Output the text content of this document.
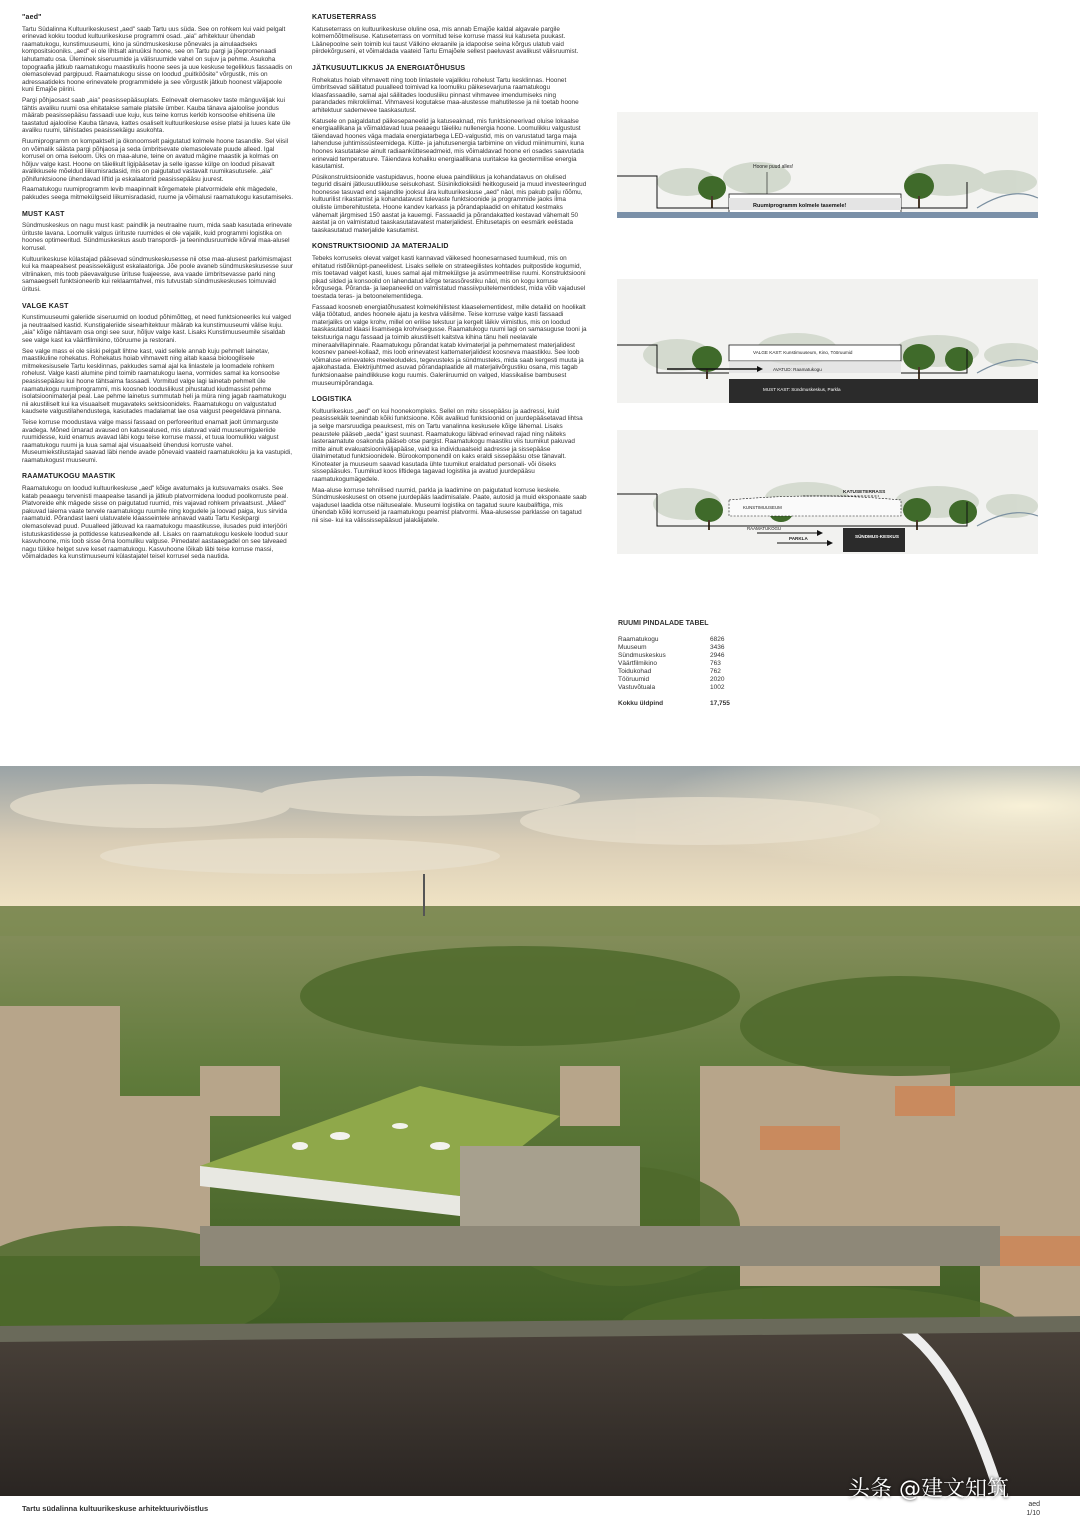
"aed"

Tartu Südalinna Kultuurikeskusest „aed" saab Tartu uus süda. See on rohkem kui vaid pelgalt erinevad kokku toodud kultuurikeskuse programmi osad. „aia" arhitektuur ühendab raamatukogu, kunstimuuseumi, kino ja sündmuskeskuse põnevaks ja ainulaadseks kompositsiooniks. „aed" ei ole lihtsalt ainuüksi hoone, see on Tartu pargi ja jõepromenaadi lahutamatu osa. Üleminek siseruumide ja välisruumide vahel on sujuv ja pehme. Asukoha topograafia jätkub raamatukogu maastikulis hoone sees ja uue keskuse tegelikkus fassaadis on olemasolevad pargipuud. Raamatukogu sisse on loodud „puitköösite" võrgustik, mis on adressaatideks hoone erinevatele programmidele ja see võrgustik jätkub hoonest väljapoole kuni Emajõe piirini.

Pargi põhjaosast saab „aia" peasissepääsuplats. Eelnevalt olemasolev taste mänguväljak kui tähtis avaliku ruumi osa ehitatakse samale platsile ümber. Kauba tänava ajaloolise joondus määrab peasissepääsu fassaadi uue kuju, kus teine korrus kerkib konsoolse ehitisena üle taastatud ajaloolise Kauba tänava, kattes osaliselt kultuurikeskuse esise platsi ja luues kate üle avaliku ruumi, tähistades peasissekäigu asukohta.

Ruumiprogramm on kompaktselt ja ökonoomselt paigutatud kolmele hoone tasandile. Sel viisil on võimalik säästa pargi põhjaosa ja seda ümbritsevate olemasolevate puude alleed. Igal korrusel on oma iseloom. Üks on maa-alune, teine on avatud mägine maastik ja kolmas on hõljuv valge kast. Hoone on täielikult ligipääsetav ja selle igasse külge on loodud piisavalt avalikkusele mõeldud liikumisradasid, mis on paigutatud vastavalt ruumikasutusele. „aia" põhifunktsioone ühendavad liftid ja eskalaatorid peasissepääsu juurest.

Raamatukogu ruumiprogramm levib maapinnalt kõrgematele platvormidele ehk mägedele, pakkudes seega mitmekülgseid liikumisradasid, ruume ja võimalusi raamatukogu kasutamiseks.

MUST KAST

Sündmuskeskus on nagu must kast: paindlik ja neutraalne ruum, mida saab kasutada erinevate ürituste lavana. Loomulik valgus ürituste ruumides ei ole vajalik, kuid programmi logistika on hoones optimeeritud. Sündmuskeskus asub transpordi- ja teenindusruumide kõrval maa-alusel korrusel.

Kultuurikeskuse külastajad pääsevad sündmuskeskusesse nii otse maa-alusest parkimismajast kui ka maapealsest peasissekäigust eskalaatoriga. Jõe poole avaneb sündmuskeskusesse suur vitriinaken, mis toob päevavalguse ürituse fuajeesse, ava vaade ümbritsevasse parki ning samaaegselt funktsioneerib kui reklaamtahvel, mis tutvustab sündmuskeskuses toimuvaid üritusi.

VALGE KAST

Kunstimuuseumi galeriide siseruumid on loodud põhimõtteg, et need funktsioneeriks kui valged ja neutraalsed kastid. Kunstigaleriide sisearhitektuur määrab ka kunstimuuseumi välise kuju. „aia" kõige nähtavam osa ongi see suur, hõljuv valge kast. Lisaks Kunstimuuseumile sisaldab see valge kast ka väärtfilmikino, tööruume ja restorani.

See valge mass ei ole siiski pelgalt lihtne kast, vaid sellele annab kuju pehmelt lainetav, maastikuline rohekatus. Rohekatus hoiab vihmavett ning aitab kaasa bioloogilisele mitmekesisusele Tartu kesklinnas, pakkudes samal ajal ka linlastele ja loomadele rohkem rohelust. Valge kasti alumine pind toimib raamatukogu laena, vormides samal ka konsoolse peasissepääsu kui hoone tähtsaima fassaadi. Vormitud valge lagi lainetab pehmelt üle raamatukogu ruumiprogrammi, mis koosneb loodusliikust pihustatud kiudmassist pehme isolatsioonimaterjal peal. Lae pehme lainetus summutab heli ja müra ning jagab raamatukogu nii akustiliselt kui ka visuaalselt mugavateks sektsioonideks. Raamatukogu on valgustatud kaudsete valgustilahendustega, kasutades madalamat lae osa valgust peegeldava pinnana.

Teise korruse moodustava valge massi fassaad on perforeeritud enamalt jaolt ümmarguste avadega. Mõned ümarad avaused on katusealused, mis ulatuvad vaid muuseumigaleriide ruumidesse, kuid enamus avavad läbi kogu teise korruse massi, et tuua loomulikku valgust raamatukogu ruumi ja luua samal ajal visuaalseid ühendusi korruste vahel. Museumiekstilustajad saavad läbi nende avade põnevaid vaateid raamatukokku ja ka vastupidi, raamatukogust muuseumi.

RAAMATUKOGU MAASTIK

Raamatukogu on loodud kultuurikeskuse „aed" kõige avatumaks ja kutsuvamaks osaks. See katab peaaegu tervenisti maapealse tasandi ja jätkub platvormidena loodud poolkorruste peal. Platvoreide ehk mägede sisse on paigutatud ruumid, mis vajavad rohkem privaatsust. „Mäed" pakuvad laiema vaate tervele raamatukogu ruumile ning kogudele ja loovad paiga, kus sirvida raamatuid. Põrandast laeni ulatuvatele klaasseintele annavad vaatu Tartu Keskpargi olemasolevad puud. Puualleed jätkuvad ka raamatukogu maastikusse, ilusades puid interjööri istutuskastidesse ja pottidesse katusealkende all. Lisaks on raamatukogu keskele loodud suur kasvuhoone, mis toob sisse õrna loomuliku valguse. Pimedatel aastaaegadel on see talveaed nagu tükike helget suve keset raamatukogu. Kasvuhoone lõikab läbi teise korruse massi, võimaldades ka kunstimuuseumi külastajatel teisel korrusel seda nautida.

KATUSETERRASS

Katuseterrass on kultuurikeskuse oluline osa, mis annab Emajõe kaldal algavale pargile kolmemõõtmelisuse. Katuseterrass on vormitud teise korruse massi kui katuseta puukast. Läänepoolne sein toimib kui taust Välkino ekraanile ja idapoolse seina kõrgus ulatub vaid piirdekõrguseni, et võimaldada vaateid Tartu Emajõele sellest paeluvast avalikust välisruumist.

JÄTKUSUUTLIKKUS JA ENERGIATÕHUSUS

Rohekatus hoiab vihmavett ning toob linlastele vajalikku rohelust Tartu kesklinnas. Hoonet ümbritsevad säilitatud puualleed toimivad ka loomuliku päikesevarjuna raamatukogu klaasfassaadile, samal ajal säilitades loodusliiku pinnast vihmavee imendumiseks ning parandades mikrokliimat. Vihmavesi kogutakse maa-alustesse mahutitesse ja nii toetab hoone arhitektuur sademevee taaskasutust.

Katusele on paigaldatud päikesepaneelid ja katuseaknad, mis funktsioneerivad oluise lokaalse energiaallikana ja võimaldavad luua peaaegu täieliku nullenergia hoone. Loomulikku valgustust täiendavad hoones väga madala energiatarbega LED-valgustid, mis on varustatud targa maja lahenduse juhtimissüsteemidega. Kütte- ja jahutusenergia tarbimine on viidud miinimumini, kuna hoones kasutatakse ainult radiaankütteseadmeid, mis võimaldavad hoone eri osades saavutada erinevaid temperatuure. Täiendava kohaliku energiaallikana uuritakse ka geotermilise energia kasutamist.

Püsikonstruktsioonide vastupidavus, hoone eluea paindlikkus ja kohandatavus on olulised tegurid disaini jätkusuutlikkuse seisukohast. Süsinikdioksiidi heitkoguseid ja muud investeeringud hoonesse tasuvad end sajandite jooksul ära kultuurikeskuse „aed" näol, mis pakub palju rõõmu, kultuurilist rikastamist ja kohandatavust tulevaste funktsioonide ja programmide jaoks ilma oluliste ümberehitusteta. Hoone kandev karkass ja põrandaplaadid on ehitatud kestmaks vähemalt järgmised 150 aastat ja kauemgi. Fassaadid ja põrandakatted kestavad vähemalt 50 aastat ja on valmistatud taaskasutatavatest materjalidest. Ehitusetapis on eesmärk eelistada taaskasutatud materjalide kasutamist.

KONSTRUKTSIOONID JA MATERJALID

Tebeks korruseks olevat valget kasti kannavad väikesed hoonesarnased tuumikud, mis on ehitatud ristlõiknüpt-paneelidest. Lisaks sellele on strateegilistes kohtades puitpostide kogumid, mis toetavad valget kasti, luues samal ajal mitmekülgse ja asümmeetrilise ruumi. Konstruktsiooni pikad silded ja konsoolid on lahendatud kõrge terassõrestiku näol, mis on kogu korruse kõrgusega. Põranda- ja laepaneelid on valmistatud massiivpuitelementidest, mida võib vajadusel toestada teras- ja betoonelementidega.

Fassaad koosneb energiatõhusatest kolmekihilistest klaaselementidest, mille detailid on hoolikalt välja töötatud, andes hoonele ajatu ja kestva välisilme. Teise korruse valge kasti fassaadi materjaliks on valge krohv, millel on erilise tekstuur ja kergelt läikiv viimistlus, mis on loodud taaskasutatud klaasi lisamisega krohvisegusse. Raamatukogu ruumi lagi on samasuguse tooni ja tekstuuriga nagu fassaad ja toimib akustiliselt kaitstva kihina tänu heli neelavale mineraalvillapinnale. Raamatukogu põrandat katab kivimaterjal ja pehmematest materjalidest koosnev paneel-kollaaž, mis loob erinevatest kattematerjalidest koosneva maastikku. See loob võimaluse erinevateks meeleoludeks, tegevusteks ja sündmusteks, mida saab kergesti muuta ja ajakohastada. Elektrijuhtmed asuvad põrandaplaatide all materjalivõrgustiku osana, mis tagab funktsionaalse paindlikkuse kogu ruumis. Galeriiruumid on valged, klassikalise bambusest muuseumipõrandaga.

LOGISTIKA

Kultuurikeskus „aed" on kui hoonekompleks. Sellel on mitu sissepääsu ja aadressi, kuid peasissekäik teenindab kõiki funktsioone. Kõik avalikud funktsioonid on juurdepääsetavad lihtsa ja selge marsruudiga peauksest, mis on Tartu vanalinna keskusele kõige lähemal. Lisaks peaustele pääseb „aeda" igast suunast. Raamatukogu läbivad erinevad rajad ning näiteks lasteraamatute osakonda pääseb otse pargist. Raamatukogu maastiku viis tuumikut pakuvad mitte ainult evakuatsiooniväljapääse, vaid ka individuaalseid aadresse ja sissepääse ülalnimetatud funktsioonidele. Bürookomponendil on kaks eraldi sissepääsu otse tänavalt. Kinoteater ja muuseum saavad kasutada ühte tuumikut eraldatud personali- või öiseks sissepääsuks. Tuumikud koos liftidega tagavad logistika ja avatud juurdepääsu raamatukogumägedele.

Maa-aluse korruse tehnilised ruumid, parkla ja laadimine on paigutatud korruse keskele. Sündmuskeskusest on otsene juurdepääs laadimisalale. Paate, autosid ja muid eksponaate saab vajadusel laadida otse näitusealale. Museumi logistika on tagatud suure kaubaliftiga, mis ühendab kõiki korruseid ja raamatukogu peamist platvormi. Maa-alusesse parklasse on tagatud nii sise- kui ka välississepääsud jalakäijatele.

Hoone puud alles!
Ruumiprogramm kolmele tasemele!
VALGE KAST: Kunstimuuseum, Kino, Tööruumid
AVATUD: Raamatukogu
MUST KAST: Sündmuskeskus, Parkla
KATUSETERRASS
KUNSTIMUUSEUM
RAAMATUKOGU
PARKLA	SÜNDMUS-KESKUS
RUUMI PINDALADE TABEL
Raamatukogu	6826
Muuseum	3436
Sündmuskeskus	2946
Väärtfilmikino	763
Toidukohad	762
Tööruumid	2020
Vastuvõtuala	1002
Kokku üldpind	17,755
头条 @建文知筑
Tartu südalinna kultuurikeskuse arhitektuurivõistlus	aed
1/10
